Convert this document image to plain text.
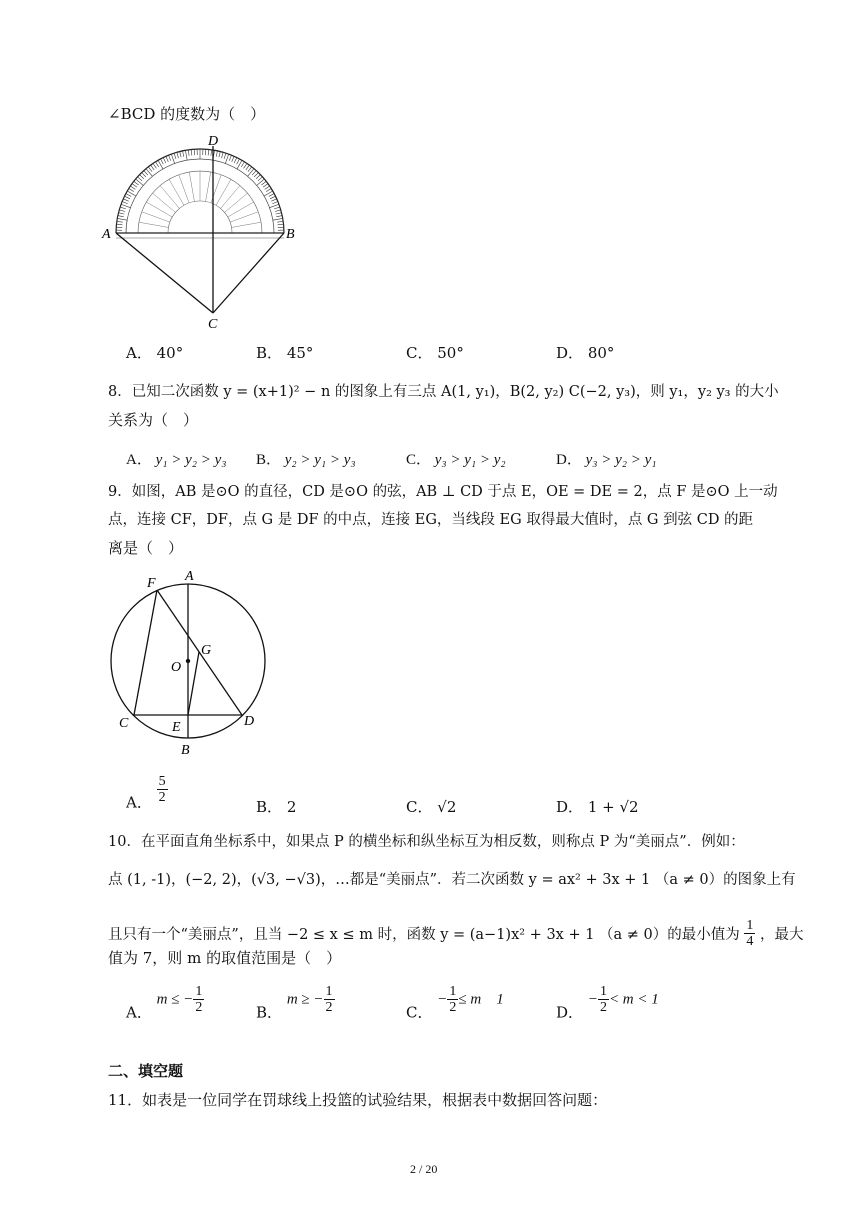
∠BCD 的度数为（　）
D
A	B
C
A． 40°	B． 45°	C． 50°	D． 80°
8．已知二次函数 y = (x+1)² − n 的图象上有三点 A(1, y₁)，B(2, y₂) C(−2, y₃)，则 y₁，y₂ y₃ 的大小
关系为（　）
A． y₁ > y₂ > y₃ B． y₂ > y₁ > y₃	C． y₃ > y₁ > y₂	D． y₃ > y₂ > y₁
9．如图，AB 是⊙O 的直径，CD 是⊙O 的弦，AB ⊥ CD 于点 E，OE = DE = 2，点 F 是⊙O 上一动
点，连接 CF，DF，点 G 是 DF 的中点，连接 EG，当线段 EG 取得最大值时，点 G 到弦 CD 的距
离是（　）
F A
G
O
C	E	D
B
A． $\frac{5}{2}$
B． 2	C． √2	D． 1 + √2
10．在平面直角坐标系中，如果点 P 的横坐标和纵坐标互为相反数，则称点 P 为“美丽点”．例如：
点 (1, -1)，(−2, 2)，(√3, −√3)，…都是“美丽点”．若二次函数 y = ax² + 3x + 1 （a ≠ 0）的图象上有
且只有一个“美丽点”，且当 −2 ≤ x ≤ m 时，函数 y = (a−1)x² + 3x + 1 （a ≠ 0）的最小值为 $\frac{1}{4}$ ，最大
值为 7，则 m 的取值范围是（　）
A． m ≤ − $\frac{1}{2}$	B． m ≥ − $\frac{1}{2}$	C． − $\frac{1}{2} \le m$　1
D． − $\frac{1}{2} < m < 1$
二、填空题
11．如表是一位同学在罚球线上投篮的试验结果，根据表中数据回答问题：
2 / 20
